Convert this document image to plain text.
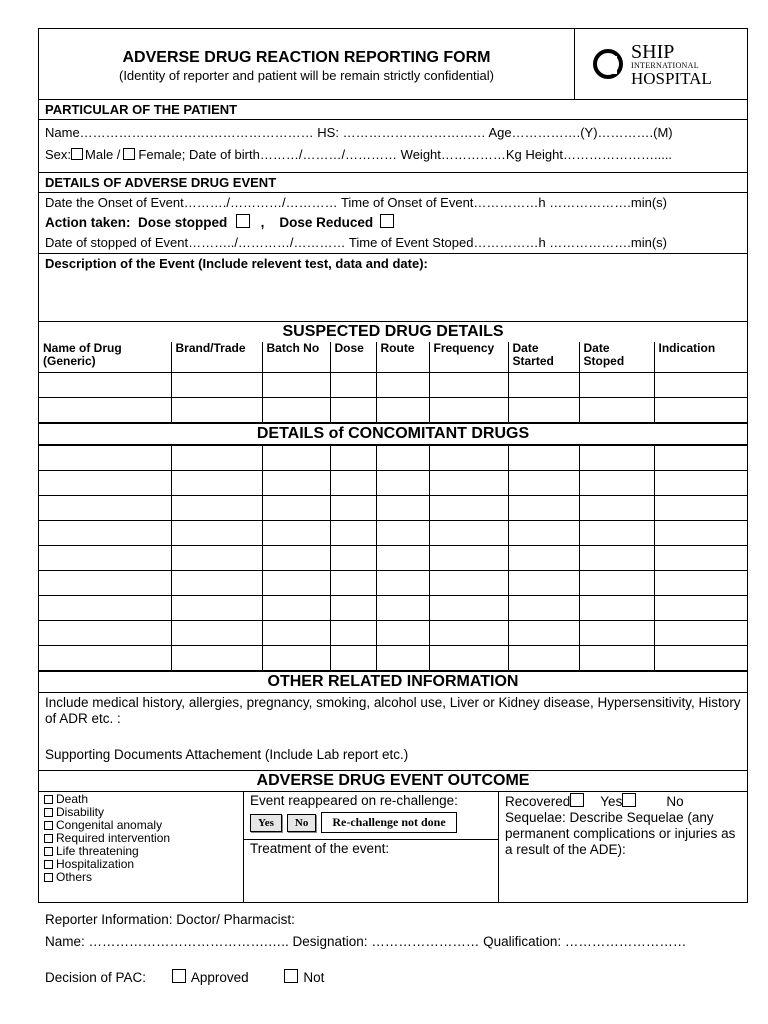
ADVERSE DRUG REACTION REPORTING FORM
(Identity of reporter and patient will be remain strictly confidential)
SHIP
INTERNATIONAL
HOSPITAL
PARTICULAR OF THE PATIENT
Name……………………………………………… HS: …………………………… Age…………….(Y)………….(M)
Sex: Male / Female; Date of birth………/………/………… Weight……………Kg Height………………….....
DETAILS OF ADVERSE DRUG EVENT
Date the Onset of Event………./…………/………… Time of Onset of Event……………h ……………….min(s)
Action taken: Dose stopped , Dose Reduced
Date of stopped of Event………../…………/………… Time of Event Stoped……………h ……………….min(s)
Description of the Event (Include relevent test, data and date):
SUSPECTED DRUG DETAILS
Name of Drug (Generic)	Brand/Trade	Batch No	Dose	Route	Frequency	Date Started	Date Stoped	Indication

DETAILS of CONCOMITANT DRUGS

OTHER RELATED INFORMATION
Include medical history, allergies, pregnancy, smoking, alcohol use, Liver or Kidney disease, Hypersensitivity, History of ADR etc. :
Supporting Documents Attachement (Include Lab report etc.)
ADVERSE DRUG EVENT OUTCOME
Death
Disability
Congenital anomaly
Required intervention
Life threatening
Hospitalization
Others
Event reappeared on re-challenge:
Yes	No	Re-challenge not done
Treatment of the event:
Recovered Yes	No
Sequelae: Describe Sequelae (any permanent complications or injuries as a result of the ADE):
Reporter Information: Doctor/ Pharmacist:
Name: ………………………………….….. Designation: …………………… Qualification: ………………………
Decision of PAC:	Approved	Not
